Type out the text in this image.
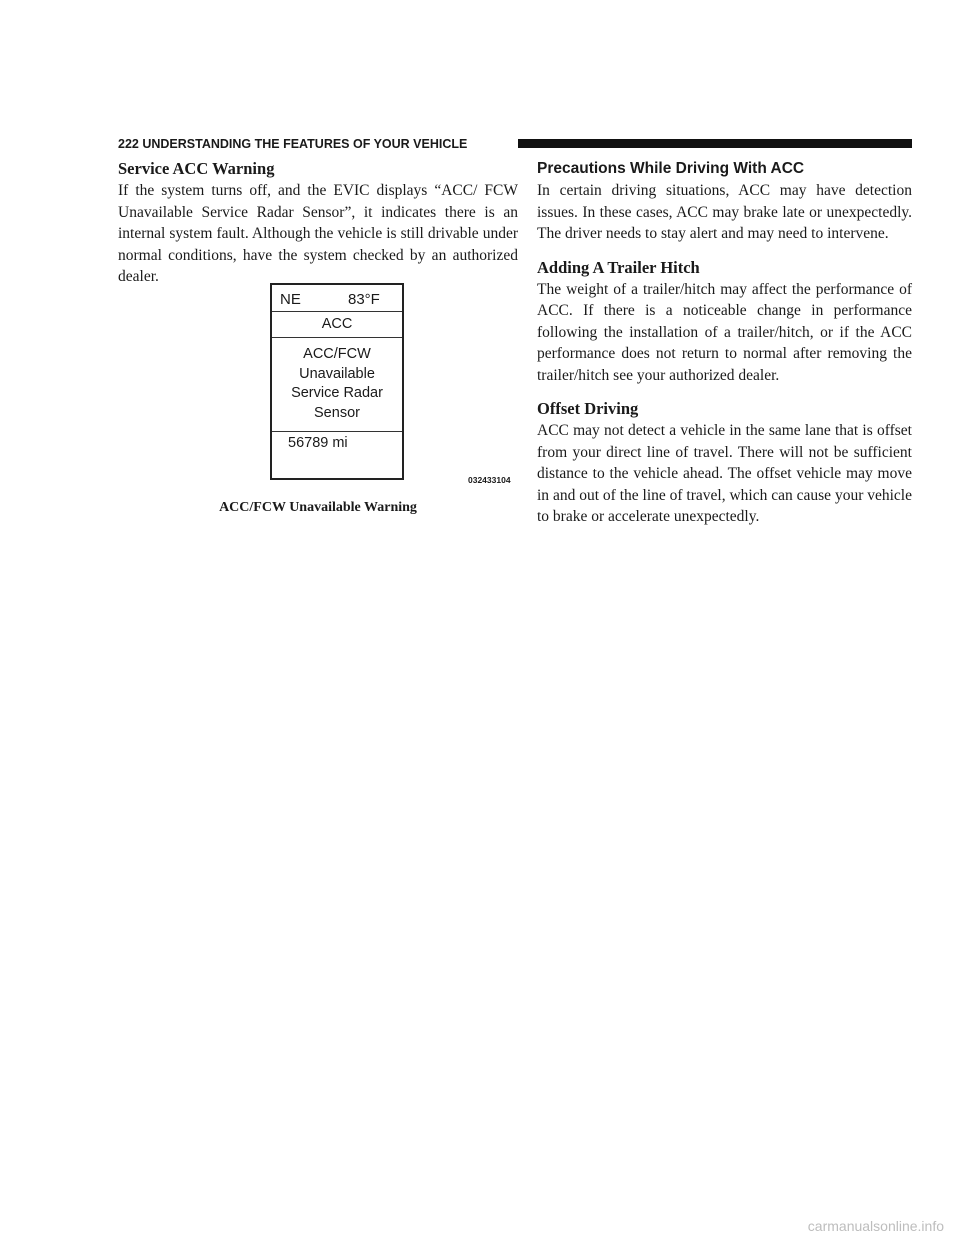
222 UNDERSTANDING THE FEATURES OF YOUR VEHICLE
Service ACC Warning

If the system turns off, and the EVIC displays “ACC/ FCW Unavailable Service Radar Sensor”, it indicates there is an internal system fault. Although the vehicle is still drivable under normal conditions, have the system checked by an authorized dealer.

NE	83°F
ACC
ACC/FCW
Unavailable
Service Radar
Sensor
56789 mi
032433104
ACC/FCW Unavailable Warning
Precautions While Driving With ACC

In certain driving situations, ACC may have detection issues. In these cases, ACC may brake late or unexpectedly. The driver needs to stay alert and may need to intervene.

Adding A Trailer Hitch

The weight of a trailer/hitch may affect the performance of ACC. If there is a noticeable change in performance following the installation of a trailer/hitch, or if the ACC performance does not return to normal after removing the trailer/hitch see your authorized dealer.

Offset Driving

ACC may not detect a vehicle in the same lane that is offset from your direct line of travel. There will not be sufficient distance to the vehicle ahead. The offset vehicle may move in and out of the line of travel, which can cause your vehicle to brake or accelerate unexpectedly.

carmanualsonline.info
